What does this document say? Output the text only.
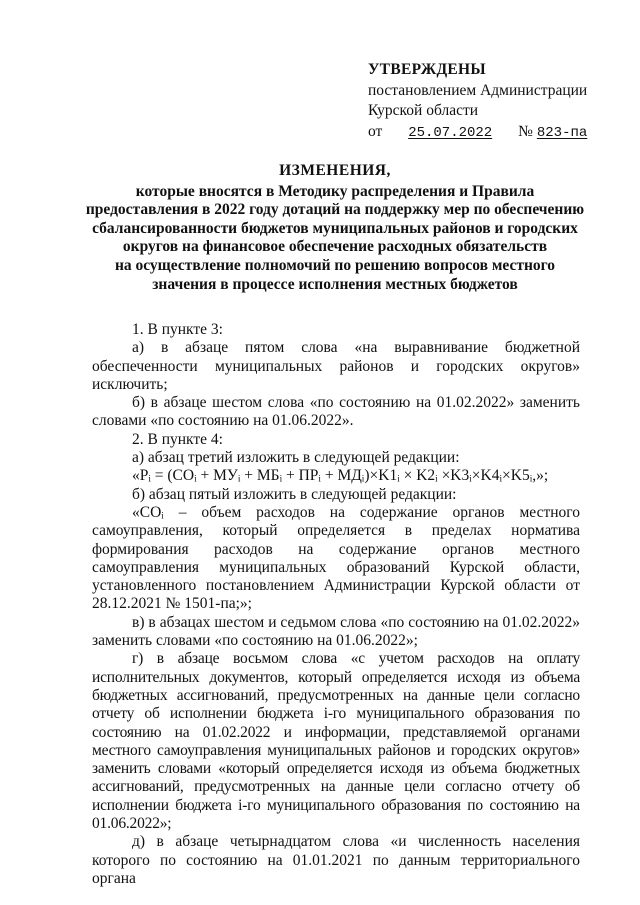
УТВЕРЖДЕНЫ
постановлением Администрации
Курской области
от 25.07.2022 № 823-па
ИЗМЕНЕНИЯ,
которые вносятся в Методику распределения и Правила
предоставления в 2022 году дотаций на поддержку мер по обеспечению
сбалансированности бюджетов муниципальных районов и городских
округов на финансовое обеспечение расходных обязательств
на осуществление полномочий по решению вопросов местного
значения в процессе исполнения местных бюджетов

1. В пункте 3:

а) в абзаце пятом слова «на выравнивание бюджетной обеспеченности муниципальных районов и городских округов» исключить;

б) в абзаце шестом слова «по состоянию на 01.02.2022» заменить словами «по состоянию на 01.06.2022».

2. В пункте 4:

а) абзац третий изложить в следующей редакции:

«Pᵢ = (COᵢ + МУᵢ + МБᵢ + ПРᵢ + МДᵢ)×K1ᵢ × K2ᵢ ×K3ᵢ×K4ᵢ×K5ᵢ,»;

б) абзац пятый изложить в следующей редакции:

«COᵢ – объем расходов на содержание органов местного самоуправления, который определяется в пределах норматива формирования расходов на содержание органов местного самоуправления муниципальных образований Курской области, установленного постановлением Администрации Курской области от 28.12.2021 № 1501-па;»;

в) в абзацах шестом и седьмом слова «по состоянию на 01.02.2022» заменить словами «по состоянию на 01.06.2022»;

г) в абзаце восьмом слова «с учетом расходов на оплату исполнительных документов, который определяется исходя из объема бюджетных ассигнований, предусмотренных на данные цели согласно отчету об исполнении бюджета i-го муниципального образования по состоянию на 01.02.2022 и информации, представляемой органами местного самоуправления муниципальных районов и городских округов» заменить словами «который определяется исходя из объема бюджетных ассигнований, предусмотренных на данные цели согласно отчету об исполнении бюджета i-го муниципального образования по состоянию на 01.06.2022»;

д) в абзаце четырнадцатом слова «и численность населения которого по состоянию на 01.01.2021 по данным территориального органа
